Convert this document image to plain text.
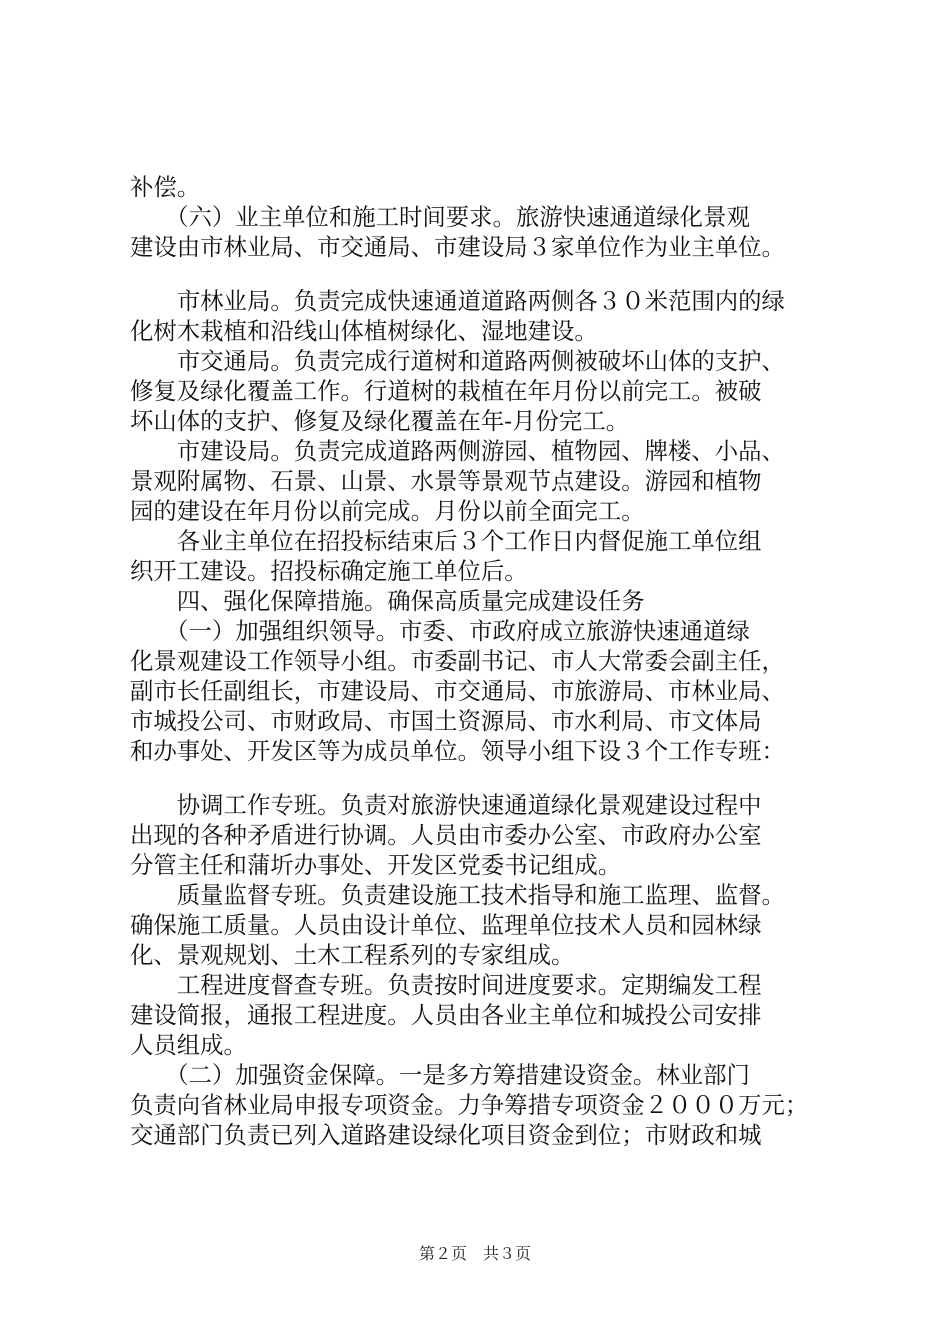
补偿。
　　（六）业主单位和施工时间要求。旅游快速通道绿化景观
建设由市林业局、市交通局、市建设局３家单位作为业主单位。
　　市林业局。负责完成快速通道道路两侧各３０米范围内的绿
化树木栽植和沿线山体植树绿化、湿地建设。
　　市交通局。负责完成行道树和道路两侧被破坏山体的支护、
修复及绿化覆盖工作。行道树的栽植在年月份以前完工。被破
坏山体的支护、修复及绿化覆盖在年-月份完工。
　　市建设局。负责完成道路两侧游园、植物园、牌楼、小品、
景观附属物、石景、山景、水景等景观节点建设。游园和植物
园的建设在年月份以前完成。月份以前全面完工。
　　各业主单位在招投标结束后３个工作日内督促施工单位组
织开工建设。招投标确定施工单位后。
　　四、强化保障措施。确保高质量完成建设任务
　　（一）加强组织领导。市委、市政府成立旅游快速通道绿
化景观建设工作领导小组。市委副书记、市人大常委会副主任，
副市长任副组长，市建设局、市交通局、市旅游局、市林业局、
市城投公司、市财政局、市国土资源局、市水利局、市文体局
和办事处、开发区等为成员单位。领导小组下设３个工作专班：
　　协调工作专班。负责对旅游快速通道绿化景观建设过程中
出现的各种矛盾进行协调。人员由市委办公室、市政府办公室
分管主任和蒲圻办事处、开发区党委书记组成。
　　质量监督专班。负责建设施工技术指导和施工监理、监督。
确保施工质量。人员由设计单位、监理单位技术人员和园林绿
化、景观规划、土木工程系列的专家组成。
　　工程进度督查专班。负责按时间进度要求。定期编发工程
建设简报，通报工程进度。人员由各业主单位和城投公司安排
人员组成。
　　（二）加强资金保障。一是多方筹措建设资金。林业部门
负责向省林业局申报专项资金。力争筹措专项资金２０００万元；
交通部门负责已列入道路建设绿化项目资金到位；市财政和城
第２页　共３页
